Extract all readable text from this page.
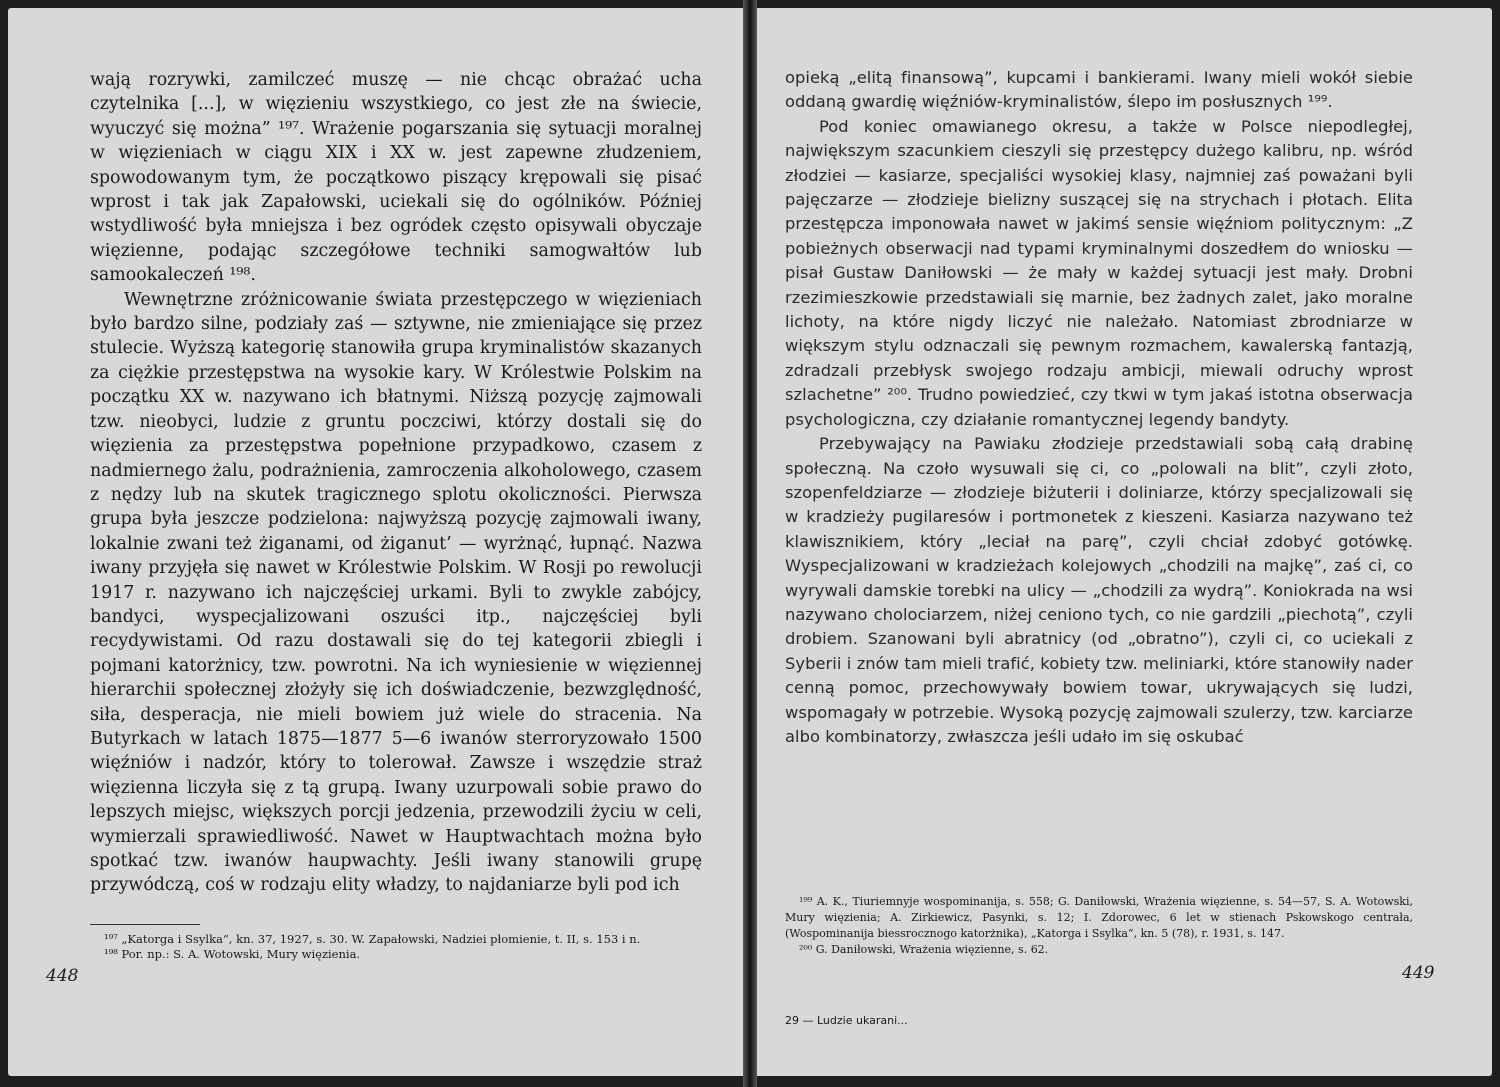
wają rozrywki, zamilczeć muszę — nie chcąc obrażać ucha czytelnika [...], w więzieniu wszystkiego, co jest złe na świecie, wyuczyć się można” ¹⁹⁷. Wrażenie pogarszania się sytuacji moralnej w więzieniach w ciągu XIX i XX w. jest zapewne złudzeniem, spowodowanym tym, że początkowo piszący krępowali się pisać wprost i tak jak Zapałowski, uciekali się do ogólników. Później wstydliwość była mniejsza i bez ogródek często opisywali obyczaje więzienne, podając szczegółowe techniki samogwałtów lub samookaleczeń ¹⁹⁸.

Wewnętrzne zróżnicowanie świata przestępczego w więzieniach było bardzo silne, podziały zaś — sztywne, nie zmieniające się przez stulecie. Wyższą kategorię stanowiła grupa kryminalistów skazanych za ciężkie przestępstwa na wysokie kary. W Królestwie Polskim na początku XX w. nazywano ich błatnymi. Niższą pozycję zajmowali tzw. nieobyci, ludzie z gruntu poczciwi, którzy dostali się do więzienia za przestępstwa popełnione przypadkowo, czasem z nadmiernego żalu, podrażnienia, zamroczenia alkoholowego, czasem z nędzy lub na skutek tragicznego splotu okoliczności. Pierwsza grupa była jeszcze podzielona: najwyższą pozycję zajmowali iwany, lokalnie zwani też żiganami, od żiganut’ — wyrżnąć, łupnąć. Nazwa iwany przyjęła się nawet w Królestwie Polskim. W Rosji po rewolucji 1917 r. nazywano ich najczęściej urkami. Byli to zwykle zabójcy, bandyci, wyspecjalizowani oszuści itp., najczęściej byli recydywistami. Od razu dostawali się do tej kategorii zbiegli i pojmani katorżnicy, tzw. powrotni. Na ich wyniesienie w więziennej hierarchii społecznej złożyły się ich doświadczenie, bezwzględność, siła, desperacja, nie mieli bowiem już wiele do stracenia. Na Butyrkach w latach 1875—1877 5—6 iwanów sterroryzowało 1500 więźniów i nadzór, który to tolerował. Zawsze i wszędzie straż więzienna liczyła się z tą grupą. Iwany uzurpowali sobie prawo do lepszych miejsc, większych porcji jedzenia, przewodzili życiu w celi, wymierzali sprawiedliwość. Nawet w Hauptwachtach można było spotkać tzw. iwanów haupwachty. Jeśli iwany stanowili grupę przywódczą, coś w rodzaju elity władzy, to najdaniarze byli pod ich

¹⁹⁷ „Katorga i Ssylka“, kn. 37, 1927, s. 30. W. Zapałowski, Nadziei płomienie, t. II, s. 153 i n.

¹⁹⁸ Por. np.: S. A. Wotowski, Mury więzienia.

448

opieką „elitą finansową”, kupcami i bankierami. Iwany mieli wokół siebie oddaną gwardię więźniów-kryminalistów, ślepo im posłusznych ¹⁹⁹.

Pod koniec omawianego okresu, a także w Polsce niepodległej, największym szacunkiem cieszyli się przestępcy dużego kalibru, np. wśród złodziei — kasiarze, specjaliści wysokiej klasy, najmniej zaś poważani byli pajęczarze — złodzieje bielizny suszącej się na strychach i płotach. Elita przestępcza imponowała nawet w jakimś sensie więźniom politycznym: „Z pobieżnych obserwacji nad typami kryminalnymi doszedłem do wniosku — pisał Gustaw Daniłowski — że mały w każdej sytuacji jest mały. Drobni rzezimieszkowie przedstawiali się marnie, bez żadnych zalet, jako moralne lichoty, na które nigdy liczyć nie należało. Natomiast zbrodniarze w większym stylu odznaczali się pewnym rozmachem, kawalerską fantazją, zdradzali przebłysk swojego rodzaju ambicji, miewali odruchy wprost szlachetne” ²⁰⁰. Trudno powiedzieć, czy tkwi w tym jakaś istotna obserwacja psychologiczna, czy działanie romantycznej legendy bandyty.

Przebywający na Pawiaku złodzieje przedstawiali sobą całą drabinę społeczną. Na czoło wysuwali się ci, co „polowali na blit”, czyli złoto, szopenfeldziarze — złodzieje biżuterii i doliniarze, którzy specjalizowali się w kradzieży pugilaresów i portmonetek z kieszeni. Kasiarza nazywano też klawisznikiem, który „leciał na parę”, czyli chciał zdobyć gotówkę. Wyspecjalizowani w kradzieżach kolejowych „chodzili na majkę”, zaś ci, co wyrywali damskie torebki na ulicy — „chodzili za wydrą”. Koniokrada na wsi nazywano cholociarzem, niżej ceniono tych, co nie gardzili „piechotą”, czyli drobiem. Szanowani byli abratnicy (od „obratno”), czyli ci, co uciekali z Syberii i znów tam mieli trafić, kobiety tzw. meliniarki, które stanowiły nader cenną pomoc, przechowywały bowiem towar, ukrywających się ludzi, wspomagały w potrzebie. Wysoką pozycję zajmowali szulerzy, tzw. karciarze albo kombinatorzy, zwłaszcza jeśli udało im się oskubać

¹⁹⁹ A. K., Tiuriemnyje wospominanija, s. 558; G. Daniłowski, Wrażenia więzienne, s. 54—57, S. A. Wotowski, Mury więzienia; A. Zirkiewicz, Pasynki, s. 12; I. Zdorowec, 6 let w stienach Pskowskogo centrała, (Wospominanija biessrocznogo katorżnika), „Katorga i Ssylka“, kn. 5 (78), r. 1931, s. 147.

²⁰⁰ G. Daniłowski, Wrażenia więzienne, s. 62.

449
29 — Ludzie ukarani...
